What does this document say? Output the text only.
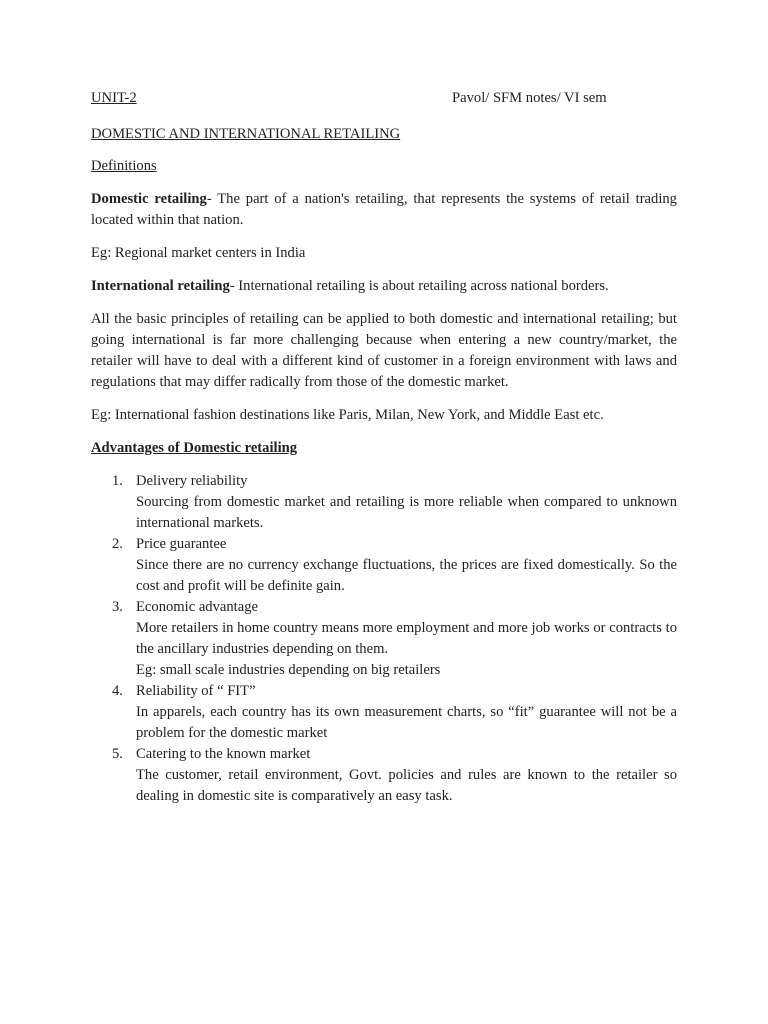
UNIT-2	Pavol/ SFM notes/ VI sem

DOMESTIC AND INTERNATIONAL RETAILING

Definitions

Domestic retailing- The part of a nation's retailing, that represents the systems of retail trading located within that nation.

Eg: Regional market centers in India

International retailing- International retailing is about retailing across national borders.

All the basic principles of retailing can be applied to both domestic and international retailing; but going international is far more challenging because when entering a new country/market, the retailer will have to deal with a different kind of customer in a foreign environment with laws and regulations that may differ radically from those of the domestic market.

Eg: International fashion destinations like Paris, Milan, New York, and Middle East etc.

Advantages of Domestic retailing

1. Delivery reliability
Sourcing from domestic market and retailing is more reliable when compared to unknown international markets.
2. Price guarantee
Since there are no currency exchange fluctuations, the prices are fixed domestically. So the cost and profit will be definite gain.
3. Economic advantage
More retailers in home country means more employment and more job works or contracts to the ancillary industries depending on them.
Eg: small scale industries depending on big retailers
4. Reliability of “ FIT”
In apparels, each country has its own measurement charts, so “fit” guarantee will not be a problem for the domestic market
5. Catering to the known market
The customer, retail environment, Govt. policies and rules are known to the retailer so dealing in domestic site is comparatively an easy task.
